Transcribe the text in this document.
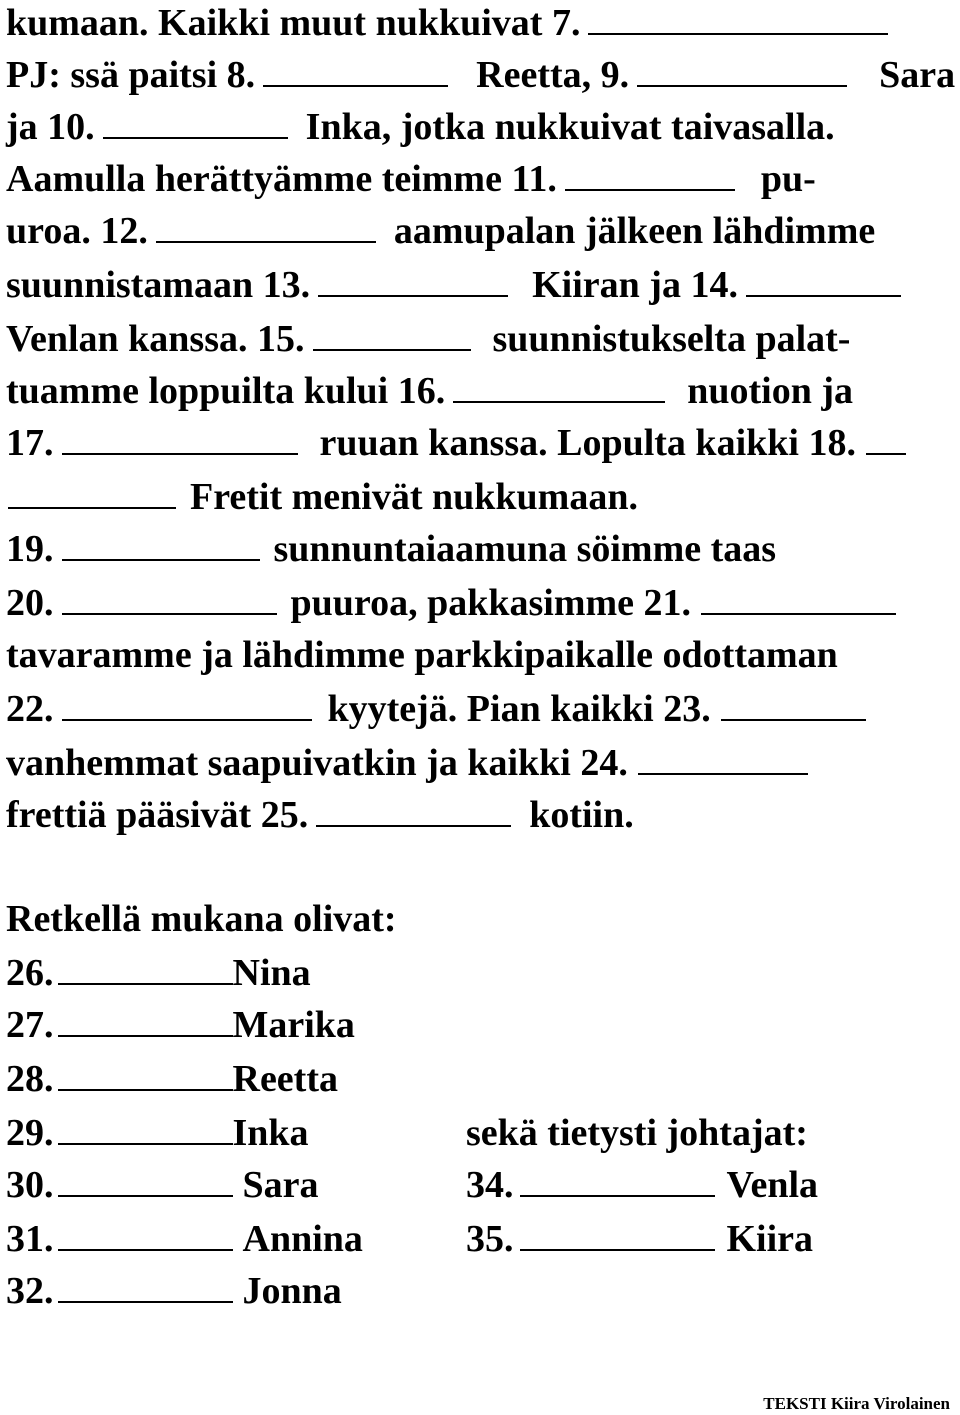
kumaan. Kaikki muut nukkuivat 7.
PJ: ssä paitsi 8.	Reetta, 9.	Sara
ja 10.	Inka, jotka nukkuivat taivasalla.
Aamulla herättyämme teimme 11.	pu-
uroa. 12.	aamupalan jälkeen lähdimme
suunnistamaan 13.	Kiiran ja 14.
Venlan kanssa. 15.	suunnistukselta palat-
tuamme loppuilta kului 16.	nuotion ja
17.	ruuan kanssa. Lopulta kaikki 18.
Fretit menivät nukkumaan.
19.	sunnuntaiaamuna söimme taas
20.	puuroa, pakkasimme 21.
tavaramme ja lähdimme parkkipaikalle odottaman
22.	kyytejä. Pian kaikki 23.
vanhemmat saapuivatkin ja kaikki 24.
frettiä pääsivät 25.	kotiin.
Retkellä mukana olivat:
26.	Nina
27.	Marika
28.	Reetta
29.	Inka
30.	Sara
31.	Annina
32.	Jonna
sekä tietysti johtajat:
34.	Venla
35.	Kiira
TEKSTI Kiira Virolainen
